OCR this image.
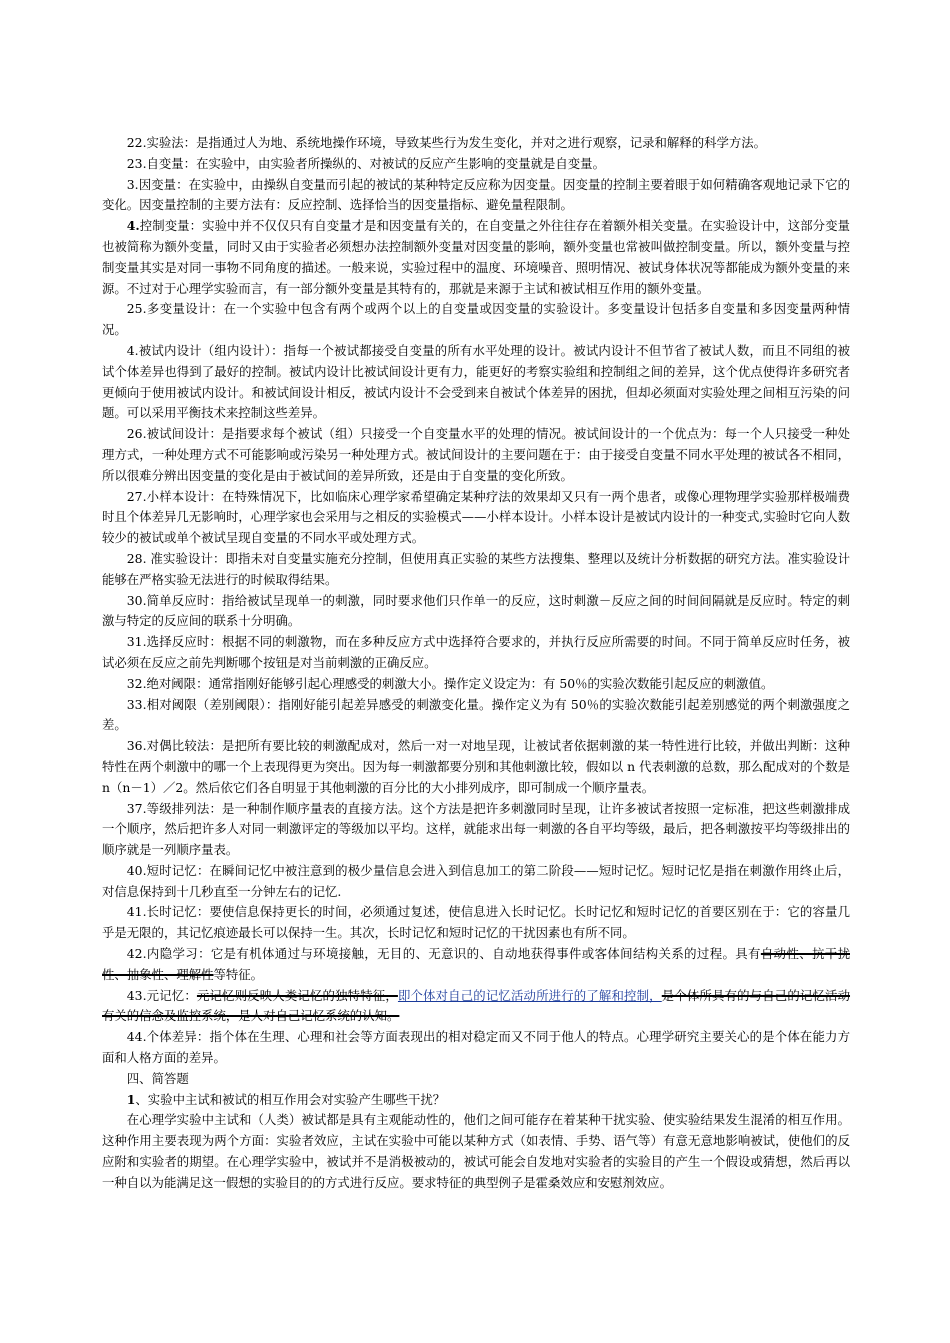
22.实验法：是指通过人为地、系统地操作环境，导致某些行为发生变化，并对之进行观察，记录和解释的科学方法。

23.自变量：在实验中，由实验者所操纵的、对被试的反应产生影响的变量就是自变量。

3.因变量：在实验中，由操纵自变量而引起的被试的某种特定反应称为因变量。因变量的控制主要着眼于如何精确客观地记录下它的变化。因变量控制的主要方法有：反应控制、选择恰当的因变量指标、避免量程限制。

4.控制变量：实验中并不仅仅只有自变量才是和因变量有关的，在自变量之外往往存在着额外相关变量。在实验设计中，这部分变量也被简称为额外变量，同时又由于实验者必须想办法控制额外变量对因变量的影响，额外变量也常被叫做控制变量。所以，额外变量与控制变量其实是对同一事物不同角度的描述。一般来说，实验过程中的温度、环境噪音、照明情况、被试身体状况等都能成为额外变量的来源。不过对于心理学实验而言，有一部分额外变量是其特有的，那就是来源于主试和被试相互作用的额外变量。

25.多变量设计：在一个实验中包含有两个或两个以上的自变量或因变量的实验设计。多变量设计包括多自变量和多因变量两种情况。

4.被试内设计（组内设计）：指每一个被试都接受自变量的所有水平处理的设计。被试内设计不但节省了被试人数，而且不同组的被试个体差异也得到了最好的控制。被试内设计比被试间设计更有力，能更好的考察实验组和控制组之间的差异，这个优点使得许多研究者更倾向于使用被试内设计。和被试间设计相反，被试内设计不会受到来自被试个体差异的困扰，但却必须面对实验处理之间相互污染的问题。可以采用平衡技术来控制这些差异。

26.被试间设计：是指要求每个被试（组）只接受一个自变量水平的处理的情况。被试间设计的一个优点为：每一个人只接受一种处理方式，一种处理方式不可能影响或污染另一种处理方式。被试间设计的主要问题在于：由于接受自变量不同水平处理的被试各不相同，所以很难分辨出因变量的变化是由于被试间的差异所致，还是由于自变量的变化所致。

27.小样本设计：在特殊情况下，比如临床心理学家希望确定某种疗法的效果却又只有一两个患者，或像心理物理学实验那样极端费时且个体差异几无影响时，心理学家也会采用与之相反的实验模式——小样本设计。小样本设计是被试内设计的一种变式,实验时它向人数较少的被试或单个被试呈现自变量的不同水平或处理方式。

28. 准实验设计：即指未对自变量实施充分控制，但使用真正实验的某些方法搜集、整理以及统计分析数据的研究方法。准实验设计能够在严格实验无法进行的时候取得结果。

30.简单反应时：指给被试呈现单一的刺激，同时要求他们只作单一的反应，这时刺激－反应之间的时间间隔就是反应时。特定的刺激与特定的反应间的联系十分明确。

31.选择反应时：根据不同的刺激物，而在多种反应方式中选择符合要求的，并执行反应所需要的时间。不同于简单反应时任务，被试必须在反应之前先判断哪个按钮是对当前刺激的正确反应。

32.绝对阈限：通常指刚好能够引起心理感受的刺激大小。操作定义设定为：有 50％的实验次数能引起反应的刺激值。

33.相对阈限（差别阈限）：指刚好能引起差异感受的刺激变化量。操作定义为有 50％的实验次数能引起差别感觉的两个刺激强度之差。

36.对偶比较法：是把所有要比较的刺激配成对，然后一对一对地呈现，让被试者依据刺激的某一特性进行比较，并做出判断：这种特性在两个刺激中的哪一个上表现得更为突出。因为每一刺激都要分别和其他刺激比较，假如以 n 代表刺激的总数，那么配成对的个数是 n（n－1）／2。然后依它们各自明显于其他刺激的百分比的大小排列成序，即可制成一个顺序量表。

37.等级排列法：是一种制作顺序量表的直接方法。这个方法是把许多刺激同时呈现，让许多被试者按照一定标准，把这些刺激排成一个顺序，然后把许多人对同一刺激评定的等级加以平均。这样，就能求出每一刺激的各自平均等级，最后，把各刺激按平均等级排出的顺序就是一列顺序量表。

40.短时记忆：在瞬间记忆中被注意到的极少量信息会进入到信息加工的第二阶段——短时记忆。短时记忆是指在刺激作用终止后，对信息保持到十几秒直至一分钟左右的记忆.

41.长时记忆：要使信息保持更长的时间，必须通过复述，使信息进入长时记忆。长时记忆和短时记忆的首要区别在于：它的容量几乎是无限的，其记忆痕迹最长可以保持一生。其次，长时记忆和短时记忆的干扰因素也有所不同。

42.内隐学习：它是有机体通过与环境接触，无目的、无意识的、自动地获得事件或客体间结构关系的过程。具有自动性、抗干扰性、抽象性、理解性等特征。

43.元记忆：元记忆则反映人类记忆的独特特征，即个体对自己的记忆活动所进行的了解和控制，是个体所具有的与自己的记忆活动有关的信念及监控系统，是人对自己记忆系统的认知。

44.个体差异：指个体在生理、心理和社会等方面表现出的相对稳定而又不同于他人的特点。心理学研究主要关心的是个体在能力方面和人格方面的差异。

四、简答题

1、实验中主试和被试的相互作用会对实验产生哪些干扰？

在心理学实验中主试和（人类）被试都是具有主观能动性的，他们之间可能存在着某种干扰实验、使实验结果发生混淆的相互作用。这种作用主要表现为两个方面：实验者效应，主试在实验中可能以某种方式（如表情、手势、语气等）有意无意地影响被试，使他们的反应附和实验者的期望。在心理学实验中，被试并不是消极被动的，被试可能会自发地对实验者的实验目的产生一个假设或猜想，然后再以一种自以为能满足这一假想的实验目的的方式进行反应。要求特征的典型例子是霍桑效应和安慰剂效应。
